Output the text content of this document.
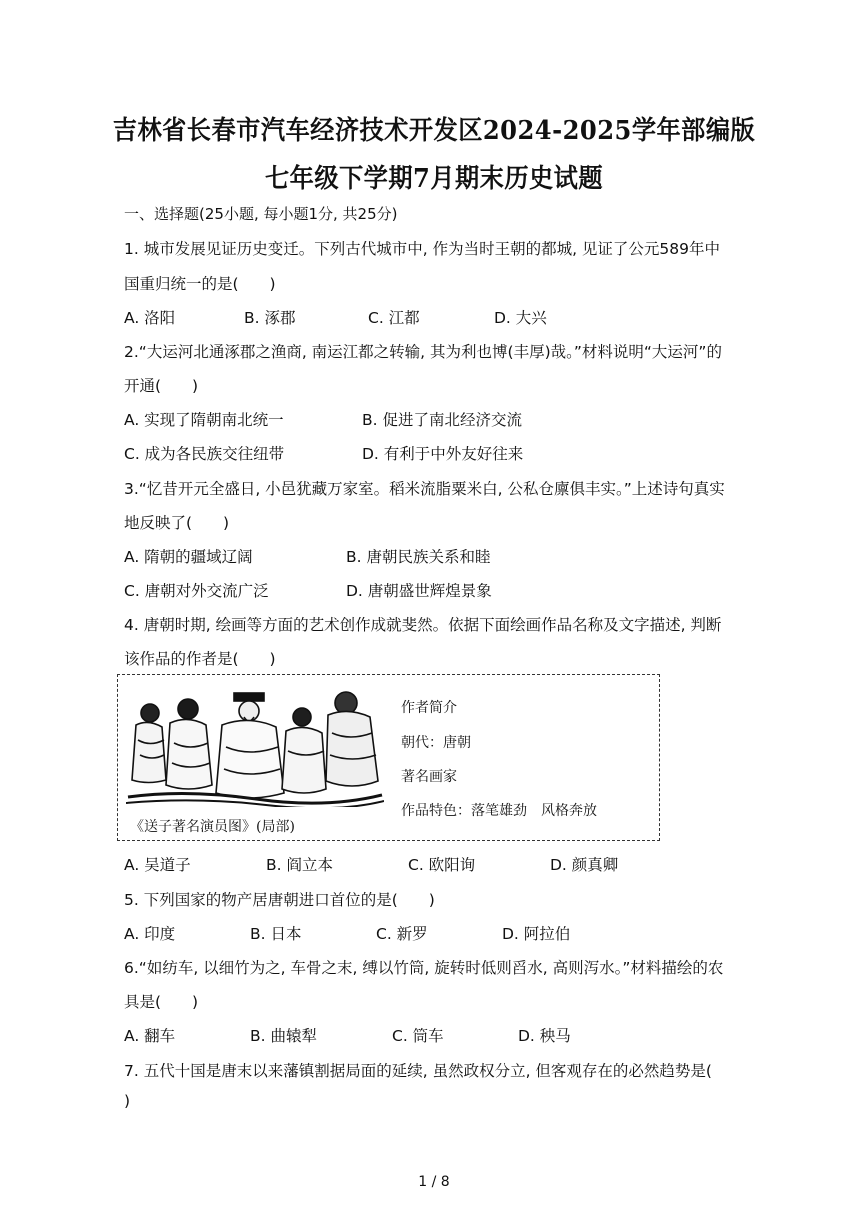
吉林省长春市汽车经济技术开发区2024-2025学年部编版
七年级下学期7月期末历史试题
一、选择题(25小题, 每小题1分, 共25分)
1. 城市发展见证历史变迁。下列古代城市中, 作为当时王朝的都城, 见证了公元589年中
国重归统一的是(　　)
A. 洛阳	B. 涿郡	C. 江都	D. 大兴
2.“大运河北通涿郡之渔商, 南运江都之转输, 其为利也博(丰厚)哉。”材料说明“大运河”的
开通(　　)
A. 实现了隋朝南北统一	B. 促进了南北经济交流
C. 成为各民族交往纽带	D. 有利于中外友好往来
3.“忆昔开元全盛日, 小邑犹藏万家室。稻米流脂粟米白, 公私仓廪俱丰实。”上述诗句真实
地反映了(　　)
A. 隋朝的疆域辽阔	B. 唐朝民族关系和睦
C. 唐朝对外交流广泛	D. 唐朝盛世辉煌景象
4. 唐朝时期, 绘画等方面的艺术创作成就斐然。依据下面绘画作品名称及文字描述, 判断
该作品的作者是(　　)
《送子著名演员图》(局部)
作者简介
朝代：唐朝
著名画家
作品特色：落笔雄劲　风格奔放
A. 吴道子	B. 阎立本	C. 欧阳询	D. 颜真卿
5. 下列国家的物产居唐朝进口首位的是(　　)
A. 印度	B. 日本	C. 新罗	D. 阿拉伯
6.“如纺车, 以细竹为之, 车骨之末, 缚以竹筒, 旋转时低则舀水, 高则泻水。”材料描绘的农
具是(　　)
A. 翻车	B. 曲辕犁	C. 筒车	D. 秧马
7. 五代十国是唐末以来藩镇割据局面的延续, 虽然政权分立, 但客观存在的必然趋势是(
)
1 / 8
